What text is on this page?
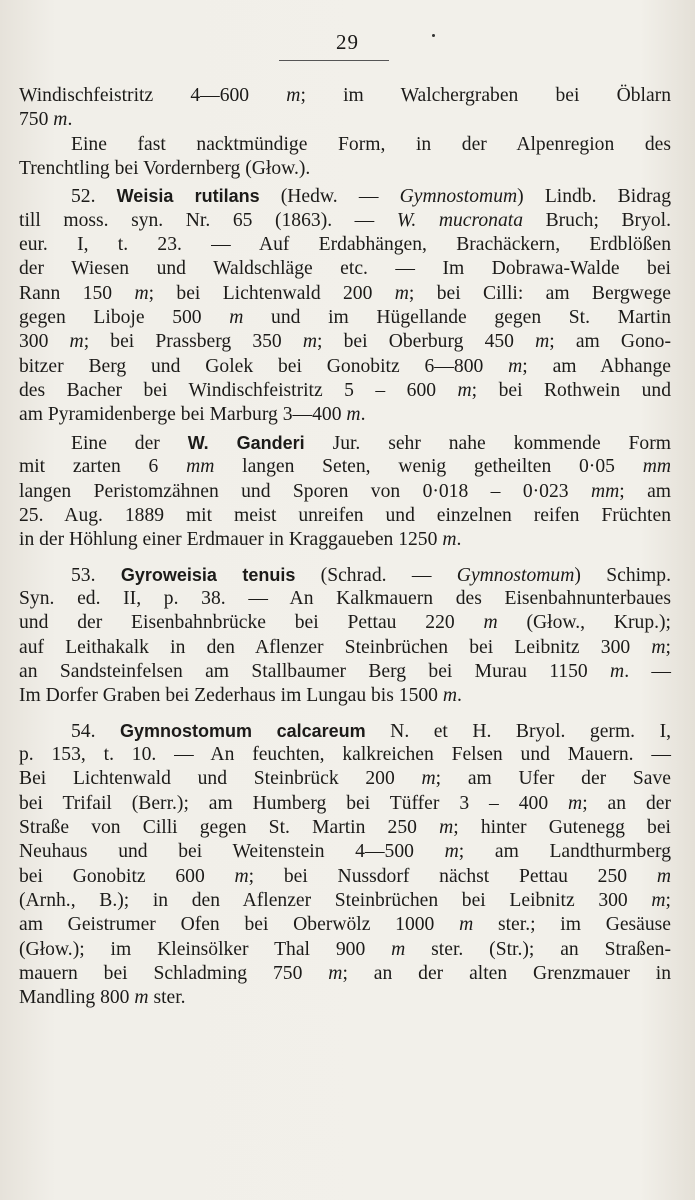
29
Windischfeistritz 4—600 m; im Walchergraben bei Öblarn
750 m.
Eine fast nacktmündige Form, in der Alpenregion des
Trenchtling bei Vordernberg (Głow.).
52. Weisia rutilans (Hedw. — Gymnostomum) Lindb. Bidrag
till moss. syn. Nr. 65 (1863). — W. mucronata Bruch; Bryol.
eur. I, t. 23. — Auf Erdabhängen, Brachäckern, Erdblößen
der Wiesen und Waldschläge etc. — Im Dobrawa-Walde bei
Rann 150 m; bei Lichtenwald 200 m; bei Cilli: am Bergwege
gegen Liboje 500 m und im Hügellande gegen St. Martin
300 m; bei Prassberg 350 m; bei Oberburg 450 m; am Gono-
bitzer Berg und Golek bei Gonobitz 6—800 m; am Abhange
des Bacher bei Windischfeistritz 5 – 600 m; bei Rothwein und
am Pyramidenberge bei Marburg 3—400 m.
Eine der W. Ganderi Jur. sehr nahe kommende Form
mit zarten 6 mm langen Seten, wenig getheilten 0·05 mm
langen Peristomzähnen und Sporen von 0·018 – 0·023 mm; am
25. Aug. 1889 mit meist unreifen und einzelnen reifen Früchten
in der Höhlung einer Erdmauer in Kraggaueben 1250 m.
53. Gyroweisia tenuis (Schrad. — Gymnostomum) Schimp.
Syn. ed. II, p. 38. — An Kalkmauern des Eisenbahnunterbaues
und der Eisenbahnbrücke bei Pettau 220 m (Głow., Krup.);
auf Leithakalk in den Aflenzer Steinbrüchen bei Leibnitz 300 m;
an Sandsteinfelsen am Stallbaumer Berg bei Murau 1150 m. —
Im Dorfer Graben bei Zederhaus im Lungau bis 1500 m.
54. Gymnostomum calcareum N. et H. Bryol. germ. I,
p. 153, t. 10. — An feuchten, kalkreichen Felsen und Mauern. —
Bei Lichtenwald und Steinbrück 200 m; am Ufer der Save
bei Trifail (Berr.); am Humberg bei Tüffer 3 – 400 m; an der
Straße von Cilli gegen St. Martin 250 m; hinter Gutenegg bei
Neuhaus und bei Weitenstein 4—500 m; am Landthurmberg
bei Gonobitz 600 m; bei Nussdorf nächst Pettau 250 m
(Arnh., B.); in den Aflenzer Steinbrüchen bei Leibnitz 300 m;
am Geistrumer Ofen bei Oberwölz 1000 m ster.; im Gesäuse
(Głow.); im Kleinsölker Thal 900 m ster. (Str.); an Straßen-
mauern bei Schladming 750 m; an der alten Grenzmauer in
Mandling 800 m ster.
